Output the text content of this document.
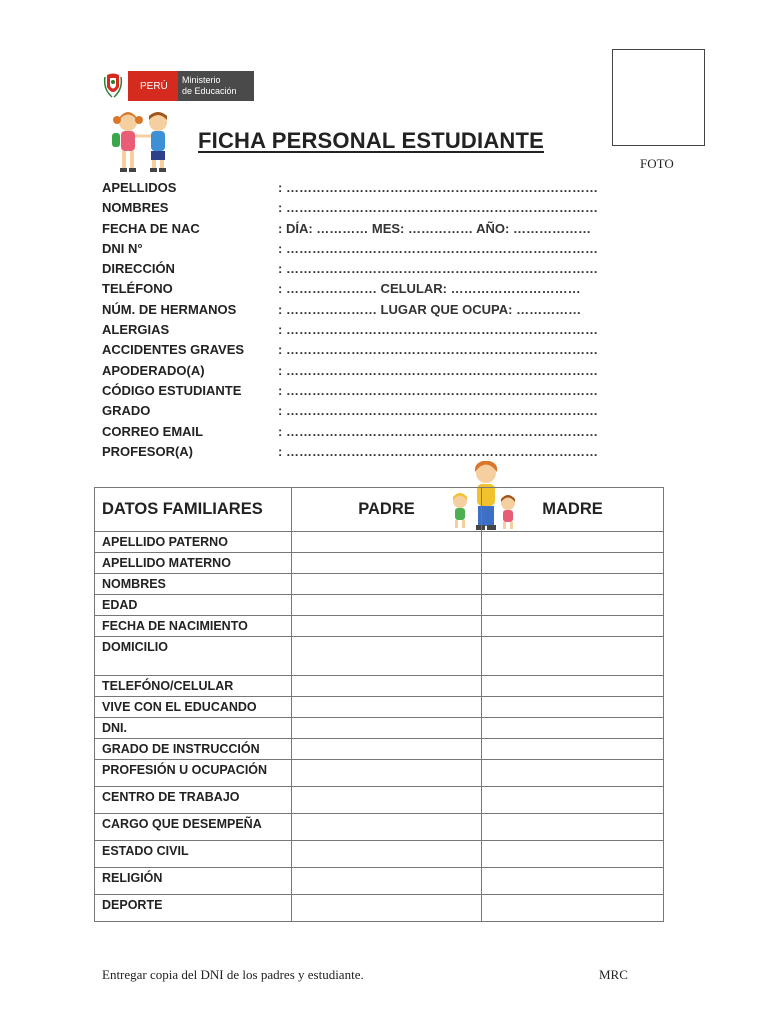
PERÚ
Ministerio
de Educación
FICHA PERSONAL ESTUDIANTE
FOTO
APELLIDOS	: ………………………………………………………………
NOMBRES	: ………………………………………………………………
FECHA DE NAC	: DÍA: ………… MES: …………… AÑO: ………………
DNI N°	: ………………………………………………………………
DIRECCIÓN	: ………………………………………………………………
TELÉFONO	: ………………… CELULAR: …………………………
NÚM. DE HERMANOS	: ………………… LUGAR QUE OCUPA: ……………
ALERGIAS	: ………………………………………………………………
ACCIDENTES GRAVES	: ………………………………………………………………
APODERADO(A)	: ………………………………………………………………
CÓDIGO ESTUDIANTE	: ………………………………………………………………
GRADO	: ………………………………………………………………
CORREO EMAIL	: ………………………………………………………………
PROFESOR(A)	: ………………………………………………………………
DATOS FAMILIARES	PADRE	MADRE
APELLIDO PATERNO		
APELLIDO MATERNO		
NOMBRES		
EDAD		
FECHA DE NACIMIENTO		
DOMICILIO		
TELEFÓNO/CELULAR		
VIVE CON EL EDUCANDO		
DNI.		
GRADO DE INSTRUCCIÓN		
PROFESIÓN U OCUPACIÓN		
CENTRO DE TRABAJO		
CARGO QUE DESEMPEÑA		
ESTADO CIVIL		
RELIGIÓN		
DEPORTE		
Entregar copia del DNI de los padres y estudiante.	MRC
